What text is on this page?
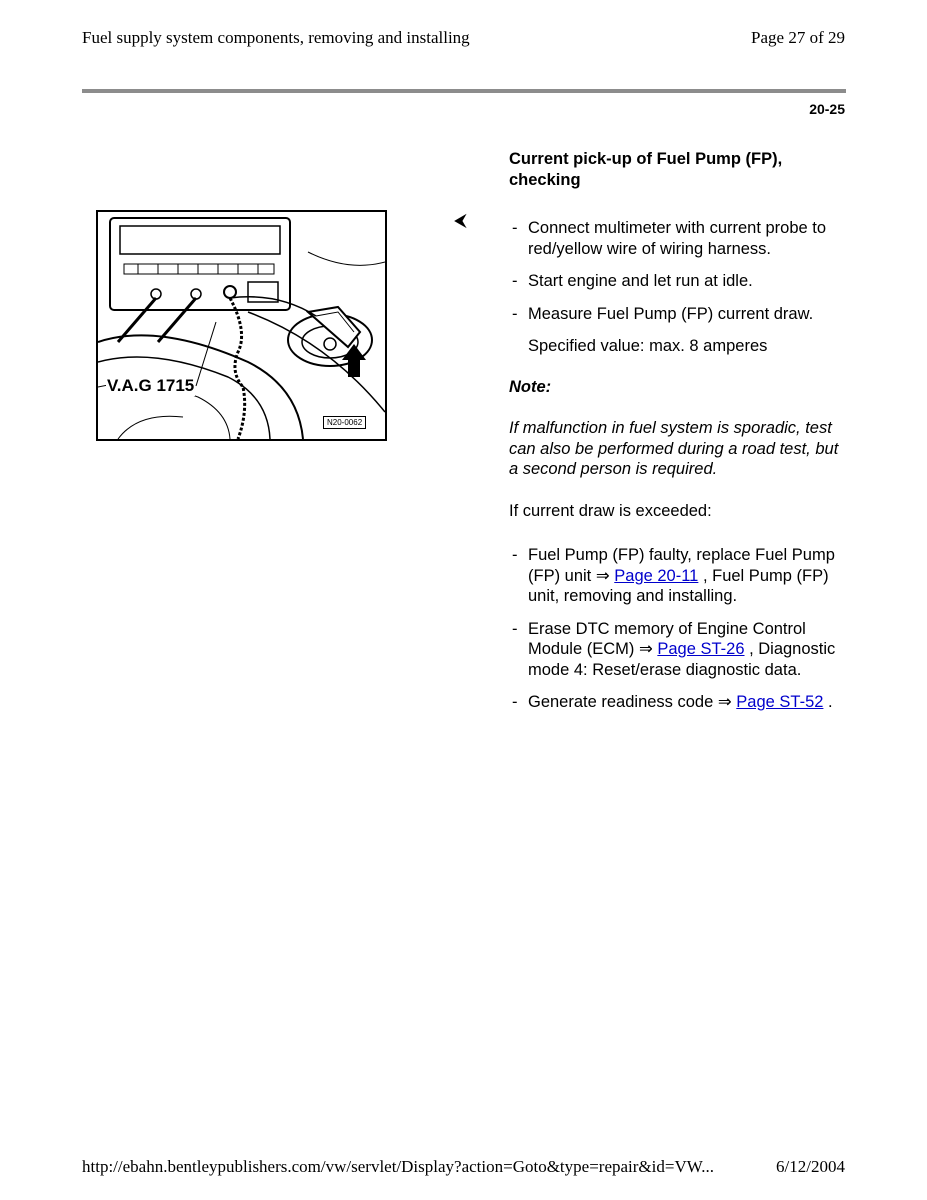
Fuel supply system components, removing and installing	Page 27 of 29
20-25
V.A.G 1715
N20-0062
⮜
Current pick-up of Fuel Pump (FP), checking
- Connect multimeter with current probe to red/yellow wire of wiring harness.
- Start engine and let run at idle.
- Measure Fuel Pump (FP) current draw.
Specified value: max. 8 amperes
Note:
If malfunction in fuel system is sporadic, test can also be performed during a road test, but a second person is required.
If current draw is exceeded:
- Fuel Pump (FP) faulty, replace Fuel Pump (FP) unit ⇒ Page 20-11 , Fuel Pump (FP) unit, removing and installing.
- Erase DTC memory of Engine Control Module (ECM) ⇒ Page ST-26 , Diagnostic mode 4: Reset/erase diagnostic data.
- Generate readiness code ⇒ Page ST-52 .
http://ebahn.bentleypublishers.com/vw/servlet/Display?action=Goto&type=repair&id=VW...	6/12/2004
